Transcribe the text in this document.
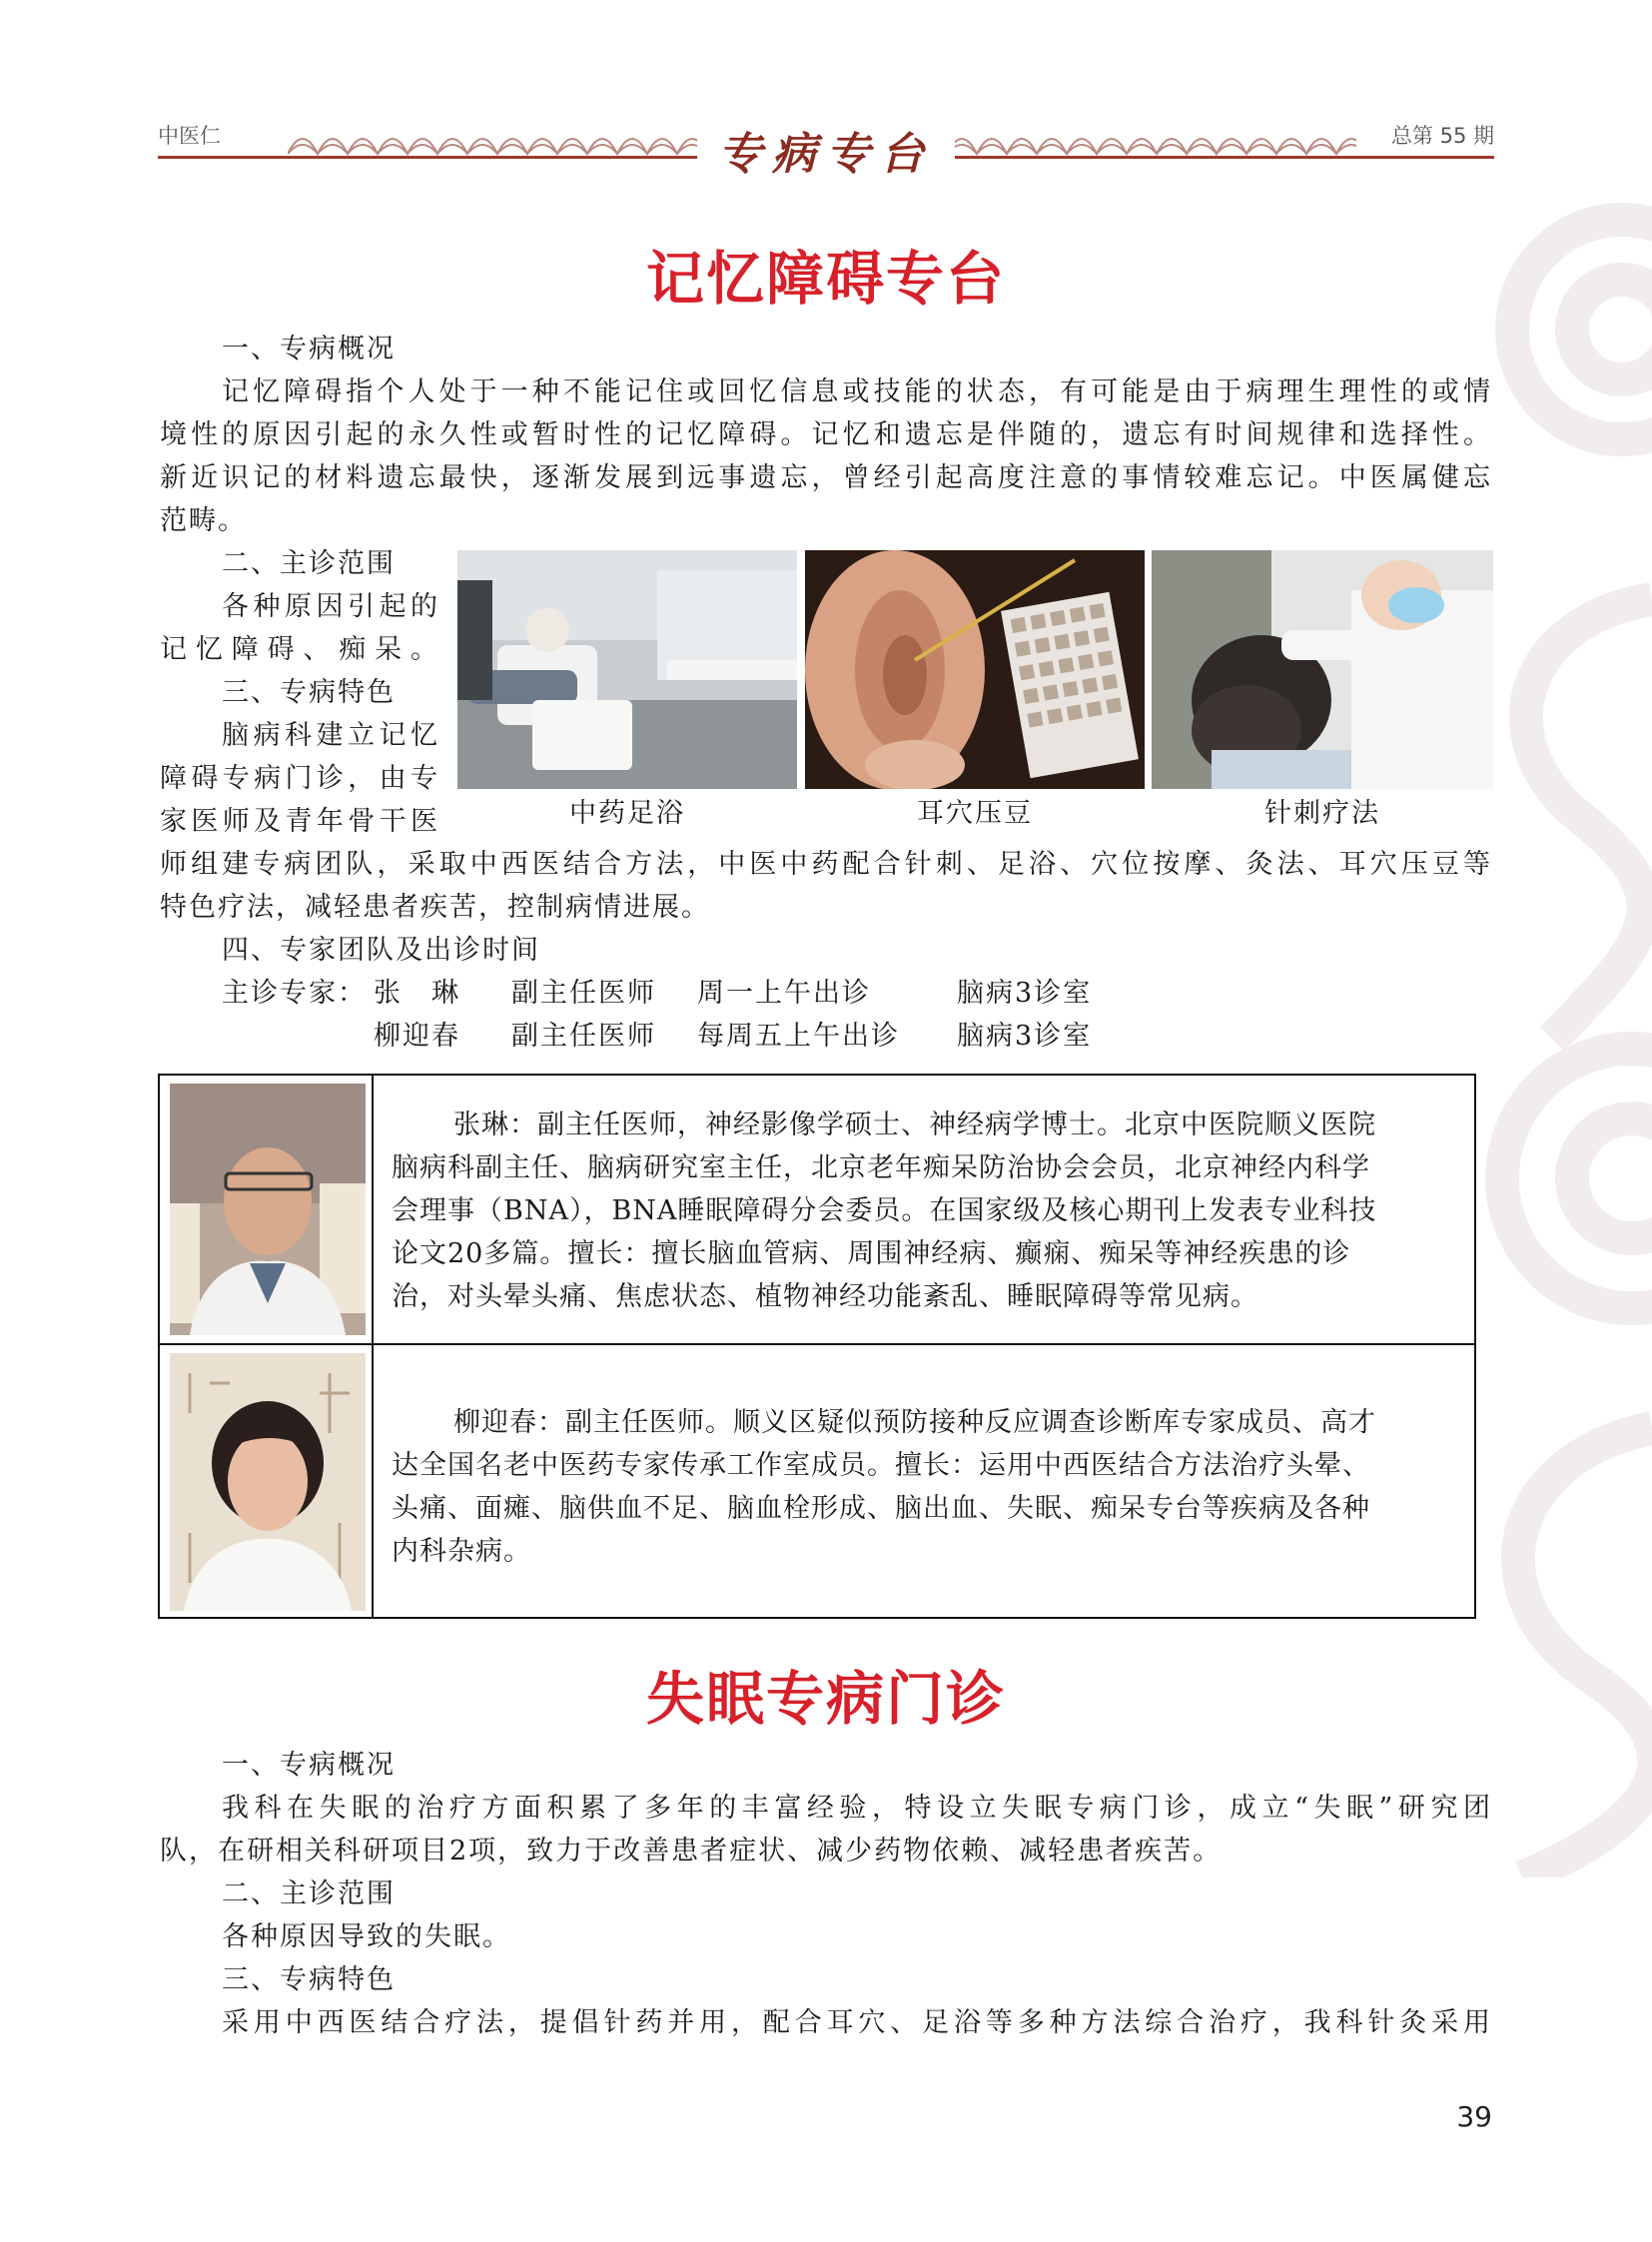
中医仁	专病专台	总第 55 期
记忆障碍专台
一、专病概况

记忆障碍指个人处于一种不能记住或回忆信息或技能的状态，有可能是由于病理生理性的或情

境性的原因引起的永久性或暂时性的记忆障碍。记忆和遗忘是伴随的，遗忘有时间规律和选择性。

新近识记的材料遗忘最快，逐渐发展到远事遗忘，曾经引起高度注意的事情较难忘记。中医属健忘

范畴。

二、主诊范围

各种原因引起的

记忆障碍、痴呆。

三、专病特色

脑病科建立记忆

障碍专病门诊，由专

家医师及青年骨干医

师组建专病团队，采取中西医结合方法，中医中药配合针刺、足浴、穴位按摩、灸法、耳穴压豆等

特色疗法，减轻患者疾苦，控制病情进展。

中药足浴	耳穴压豆	针刺疗法
四、专家团队及出诊时间
主诊专家： 张　琳 副主任医师 周一上午出诊	脑病3诊室
柳迎春 副主任医师 每周五上午出诊 脑病3诊室

张琳：副主任医师，神经影像学硕士、神经病学博士。北京中医院顺义医院
脑病科副主任、脑病研究室主任，北京老年痴呆防治协会会员，北京神经内科学
会理事（BNA），BNA睡眠障碍分会委员。在国家级及核心期刊上发表专业科技
论文20多篇。擅长：擅长脑血管病、周围神经病、癫痫、痴呆等神经疾患的诊
治，对头晕头痛、焦虑状态、植物神经功能紊乱、睡眠障碍等常见病。

柳迎春：副主任医师。顺义区疑似预防接种反应调查诊断库专家成员、高才
达全国名老中医药专家传承工作室成员。擅长：运用中西医结合方法治疗头晕、
头痛、面瘫、脑供血不足、脑血栓形成、脑出血、失眠、痴呆专台等疾病及各种
内科杂病。

失眠专病门诊
一、专病概况

我科在失眠的治疗方面积累了多年的丰富经验，特设立失眠专病门诊，成立“失眠”研究团

队，在研相关科研项目2项，致力于改善患者症状、减少药物依赖、减轻患者疾苦。

二、主诊范围

各种原因导致的失眠。

三、专病特色

采用中西医结合疗法，提倡针药并用，配合耳穴、足浴等多种方法综合治疗，我科针灸采用

39
